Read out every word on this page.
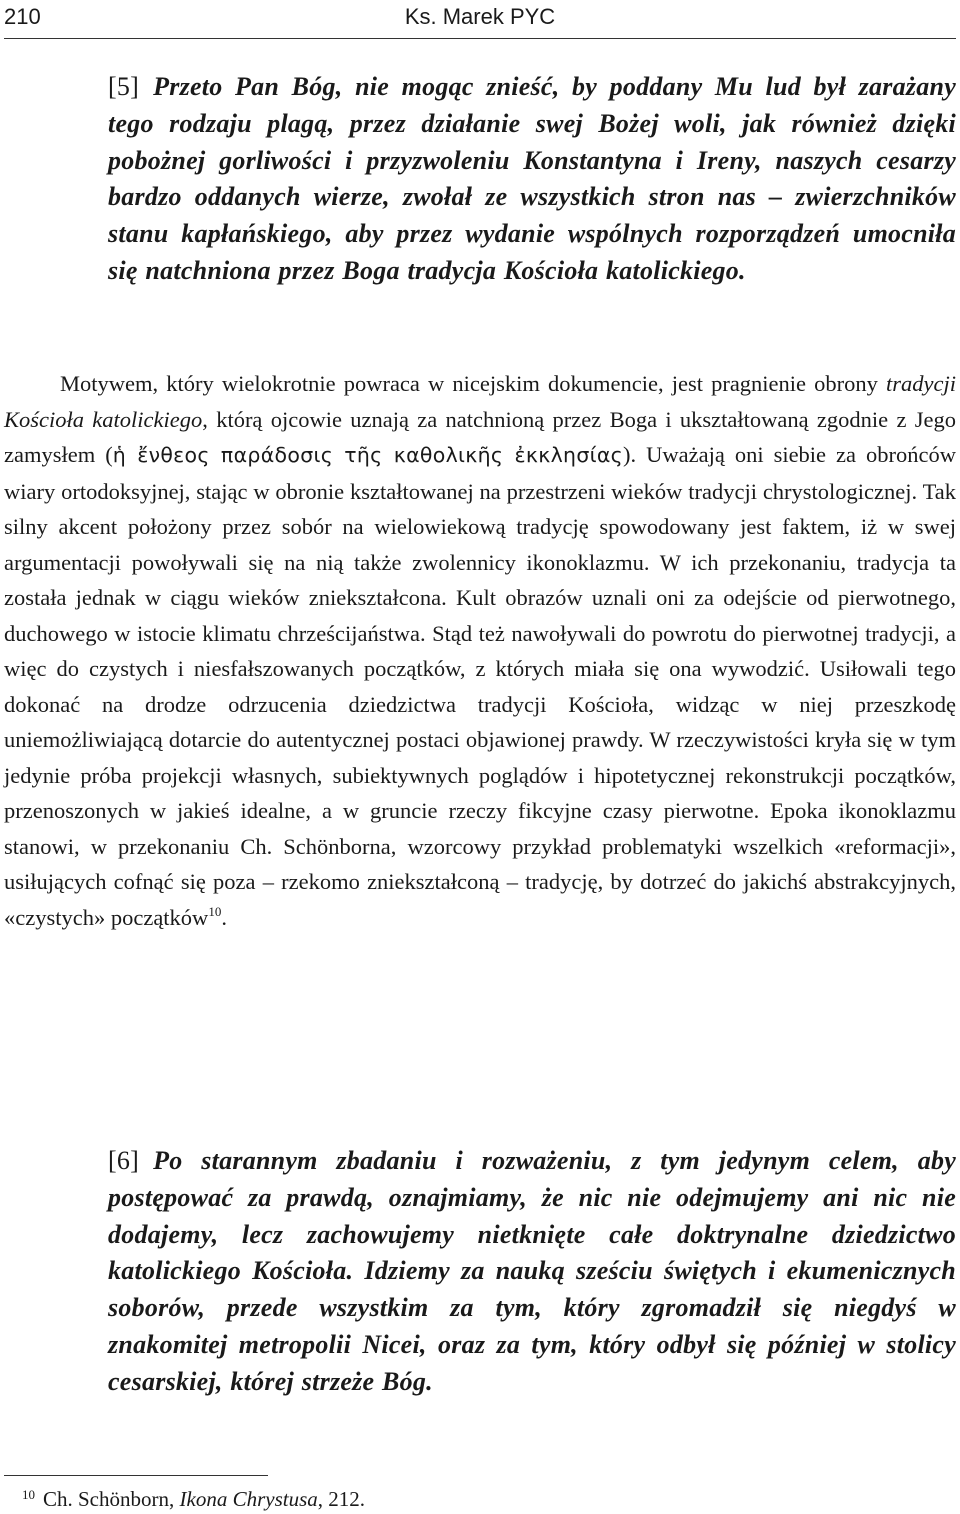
210	Ks. Marek PYC
[5] Przeto Pan Bóg, nie mogąc znieść, by poddany Mu lud był zarażany tego rodzaju plagą, przez działanie swej Bożej woli, jak również dzięki pobożnej gorliwości i przyzwoleniu Konstantyna i Ireny, naszych cesarzy bardzo oddanych wierze, zwołał ze wszystkich stron nas – zwierzchników stanu kapłańskiego, aby przez wydanie wspólnych rozporządzeń umocniła się natchniona przez Boga tradycja Kościoła katolickiego.
Motywem, który wielokrotnie powraca w nicejskim dokumencie, jest pragnienie obrony tradycji Kościoła katolickiego, którą ojcowie uznają za natchnioną przez Boga i ukształtowaną zgodnie z Jego zamysłem (ἡ ἔνθεος παράδοσις τῆς καθολικῆς ἐκκλησίας). Uważają oni siebie za obrońców wiary ortodoksyjnej, stając w obronie kształtowanej na przestrzeni wieków tradycji chrystologicznej. Tak silny akcent położony przez sobór na wielowiekową tradycję spowodowany jest faktem, iż w swej argumentacji powoływali się na nią także zwolennicy ikonoklazmu. W ich przekonaniu, tradycja ta została jednak w ciągu wieków zniekształcona. Kult obrazów uznali oni za odejście od pierwotnego, duchowego w istocie klimatu chrześcijaństwa. Stąd też nawoływali do powrotu do pierwotnej tradycji, a więc do czystych i niesfałszowanych początków, z których miała się ona wywodzić. Usiłowali tego dokonać na drodze odrzucenia dziedzictwa tradycji Kościoła, widząc w niej przeszkodę uniemożliwiającą dotarcie do autentycznej postaci objawionej prawdy. W rzeczywistości kryła się w tym jedynie próba projekcji własnych, subiektywnych poglądów i hipotetycznej rekonstrukcji początków, przenoszonych w jakieś idealne, a w gruncie rzeczy fikcyjne czasy pierwotne. Epoka ikonoklazmu stanowi, w przekonaniu Ch. Schönborna, wzorcowy przykład problematyki wszelkich «reformacji», usiłujących cofnąć się poza – rzekomo zniekształconą – tradycję, by dotrzeć do jakichś abstrakcyjnych, «czystych» początków$^{10}$.
[6] Po starannym zbadaniu i rozważeniu, z tym jedynym celem, aby postępować za prawdą, oznajmiamy, że nic nie odejmujemy ani nic nie dodajemy, lecz zachowujemy nietknięte całe doktrynalne dziedzictwo katolickiego Kościoła. Idziemy za nauką sześciu świętych i ekumenicznych soborów, przede wszystkim za tym, który zgromadził się niegdyś w znakomitej metropolii Nicei, oraz za tym, który odbył się później w stolicy cesarskiej, której strzeże Bóg.
$^{10}$ Ch. Schönborn, Ikona Chrystusa, 212.
